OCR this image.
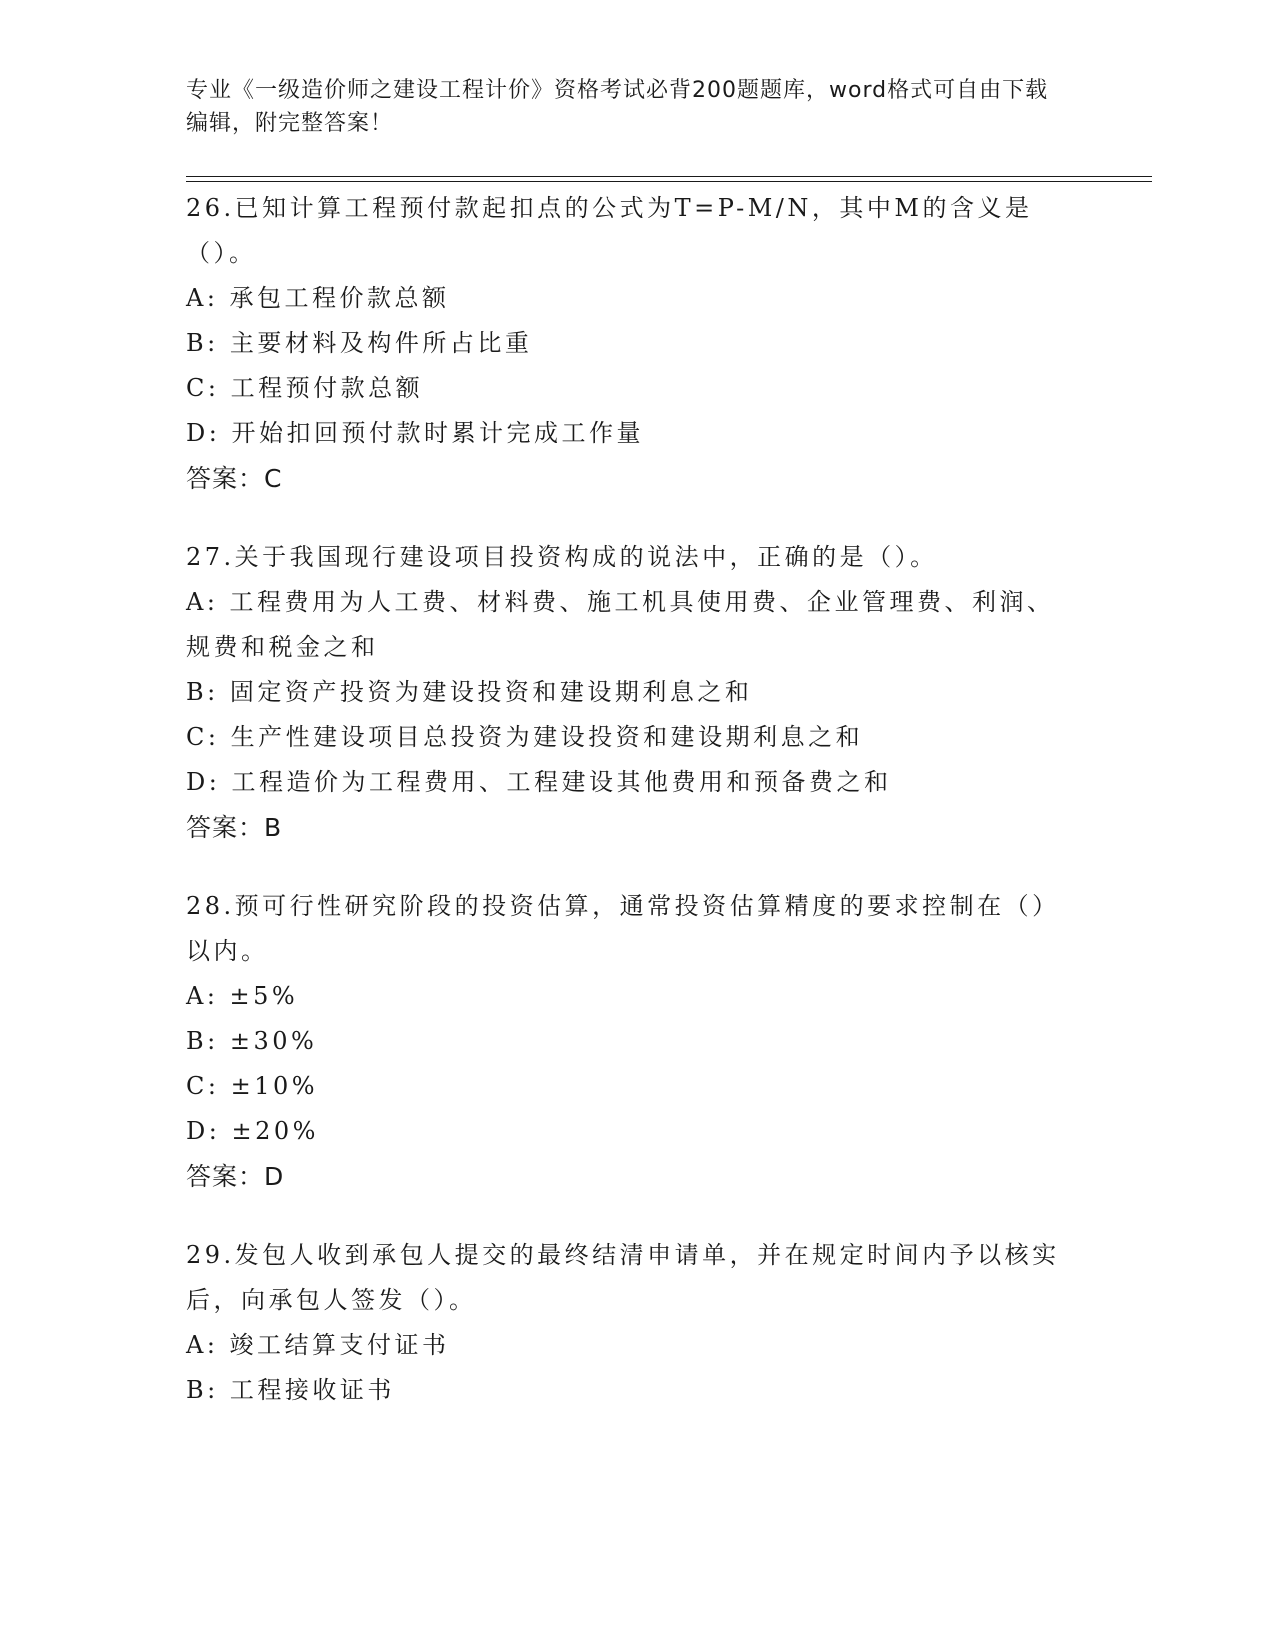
专业《一级造价师之建设工程计价》资格考试必背200题题库，word格式可自由下载编辑，附完整答案！

26.已知计算工程预付款起扣点的公式为T=P-M/N，其中M的含义是（）。

A: 承包工程价款总额

B: 主要材料及构件所占比重

C: 工程预付款总额

D: 开始扣回预付款时累计完成工作量

答案：C

27.关于我国现行建设项目投资构成的说法中，正确的是（）。

A: 工程费用为人工费、材料费、施工机具使用费、企业管理费、利润、规费和税金之和

B: 固定资产投资为建设投资和建设期利息之和

C: 生产性建设项目总投资为建设投资和建设期利息之和

D: 工程造价为工程费用、工程建设其他费用和预备费之和

答案：B

28.预可行性研究阶段的投资估算，通常投资估算精度的要求控制在（）以内。

A: ±5%

B: ±30%

C: ±10%

D: ±20%

答案：D

29.发包人收到承包人提交的最终结清申请单，并在规定时间内予以核实后，向承包人签发（）。

A: 竣工结算支付证书

B: 工程接收证书
